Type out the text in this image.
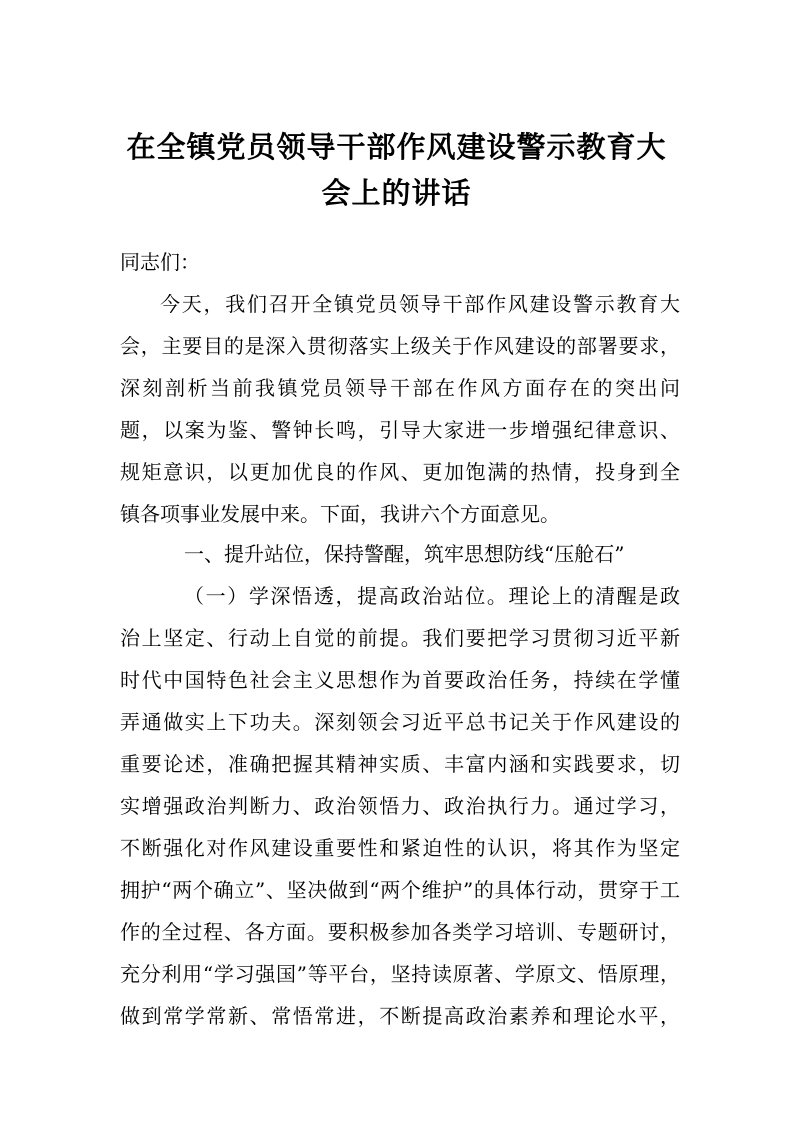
在全镇党员领导干部作风建设警示教育大
会上的讲话

同志们：

今天，我们召开全镇党员领导干部作风建设警示教育大

会，主要目的是深入贯彻落实上级关于作风建设的部署要求，

深刻剖析当前我镇党员领导干部在作风方面存在的突出问

题，以案为鉴、警钟长鸣，引导大家进一步增强纪律意识、

规矩意识，以更加优良的作风、更加饱满的热情，投身到全

镇各项事业发展中来。下面，我讲六个方面意见。

一、提升站位，保持警醒，筑牢思想防线“压舱石”

（一）学深悟透，提高政治站位。理论上的清醒是政

治上坚定、行动上自觉的前提。我们要把学习贯彻习近平新

时代中国特色社会主义思想作为首要政治任务，持续在学懂

弄通做实上下功夫。深刻领会习近平总书记关于作风建设的

重要论述，准确把握其精神实质、丰富内涵和实践要求，切

实增强政治判断力、政治领悟力、政治执行力。通过学习，

不断强化对作风建设重要性和紧迫性的认识，将其作为坚定

拥护“两个确立”、坚决做到“两个维护”的具体行动，贯穿于工

作的全过程、各方面。要积极参加各类学习培训、专题研讨，

充分利用“学习强国”等平台，坚持读原著、学原文、悟原理，

做到常学常新、常悟常进，不断提高政治素养和理论水平，
